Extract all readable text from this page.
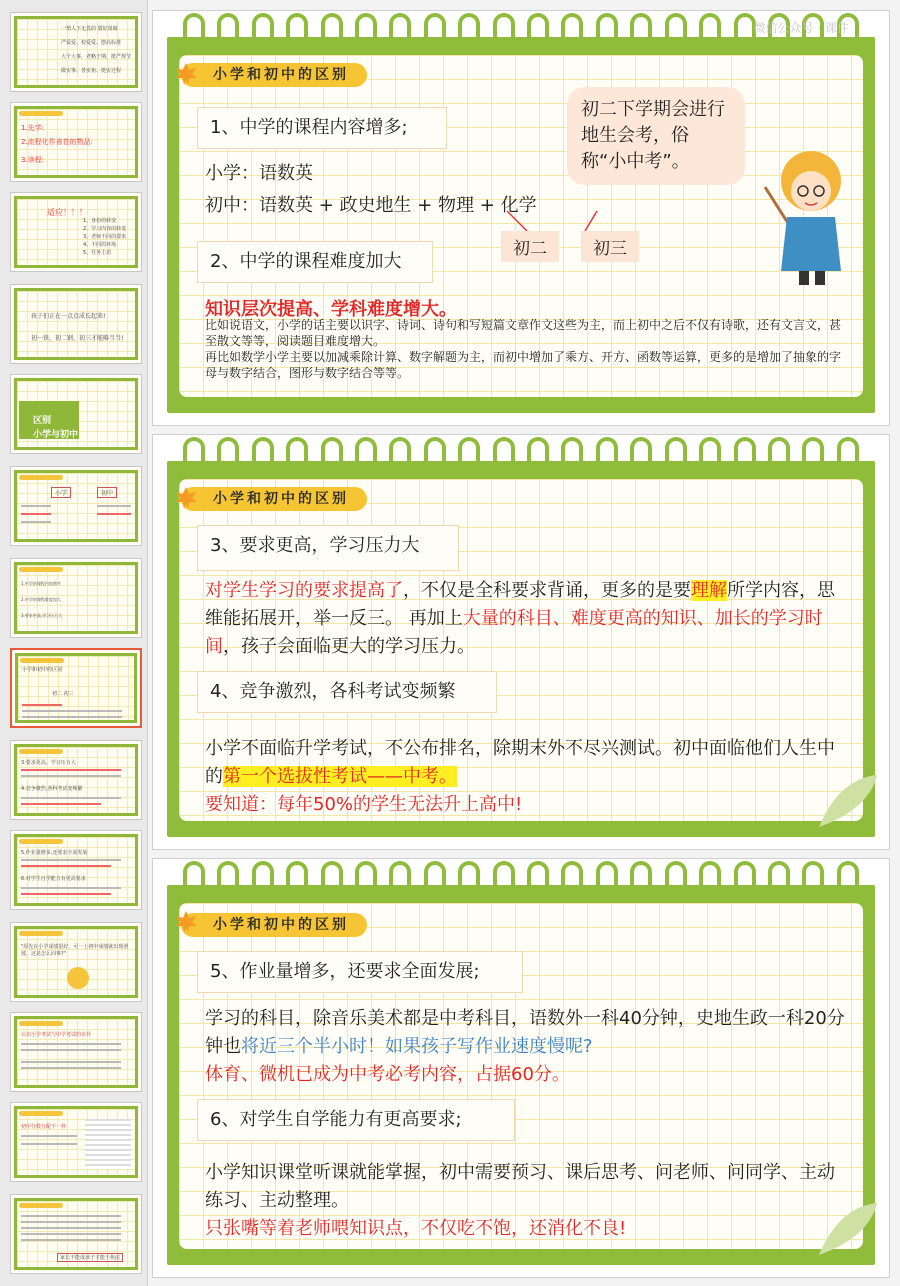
一塑人下无畏的 猎好贤婿
严爱爱、校爱爱、摆高标准
大个大事、老略于期、挺严规节
做实事、善实祖、挺实过程
1.先学:
2.流程化作善卷的物品:
3.读程:
适应！！！
1、身份的转变
2、学习内容的转变
3、老师不同的要求
4、不同的环境
5、任务主语
孩子们正在一点点成长起来!
初一铁、初二钢、初三才能略当当!
区别
小学与初中
小学	初中
1.中学的课程内容增多
2.中学的课程难度加大
3.要求更高,学习压力大
小学和初中的区别
初二 初三
3.要求更高，学习压力大
4.竞争激烈,各科考试变频繁
5.作业量增多,还要求全面发展
6.对学生自学能力有更高要求
"原先在小学成绩很好，可一上初中成绩就出现滑坡，这是怎么回事?"
认识小学考试与中学考试的差异
初中分数分配不一样
家长不能成孩子才能不焦虑
微信公众号 · 课件
小学和初中的区别
1、中学的课程内容增多;
小学：语数英
初中：语数英 + 政史地生 + 物理 + 化学
初二	初三
初二下学期会进行地生会考，俗称“小中考”。
2、中学的课程难度加大
知识层次提高、学科难度增大。
比如说语文，小学的话主要以识字、诗词、诗句和写短篇文章作文这些为主，而上初中之后不仅有诗歌，还有文言文，甚至散文等等，阅读题目难度增大。
再比如数学小学主要以加减乘除计算、数字解题为主，而初中增加了乘方、开方、函数等运算，更多的是增加了抽象的字母与数字结合，图形与数字结合等等。
小学和初中的区别
3、要求更高，学习压力大
对学生学习的要求提高了，不仅是全科要求背诵，更多的是要理解所学内容，思维能拓展开，举一反三。 再加上大量的科目、难度更高的知识、加长的学习时间，孩子会面临更大的学习压力。
4、竞争激烈，各科考试变频繁
小学不面临升学考试，不公布排名，除期末外不尽兴测试。初中面临他们人生中的第一个选拔性考试——中考。
要知道：每年50%的学生无法升上高中!
小学和初中的区别
5、作业量增多，还要求全面发展;
学习的科目，除音乐美术都是中考科目，语数外一科40分钟，史地生政一科20分钟也将近三个半小时！如果孩子写作业速度慢呢?
体育、微机已成为中考必考内容，占据60分。
6、对学生自学能力有更高要求;
小学知识课堂听课就能掌握，初中需要预习、课后思考、问老师、问同学、主动练习、主动整理。
只张嘴等着老师喂知识点，不仅吃不饱，还消化不良!
